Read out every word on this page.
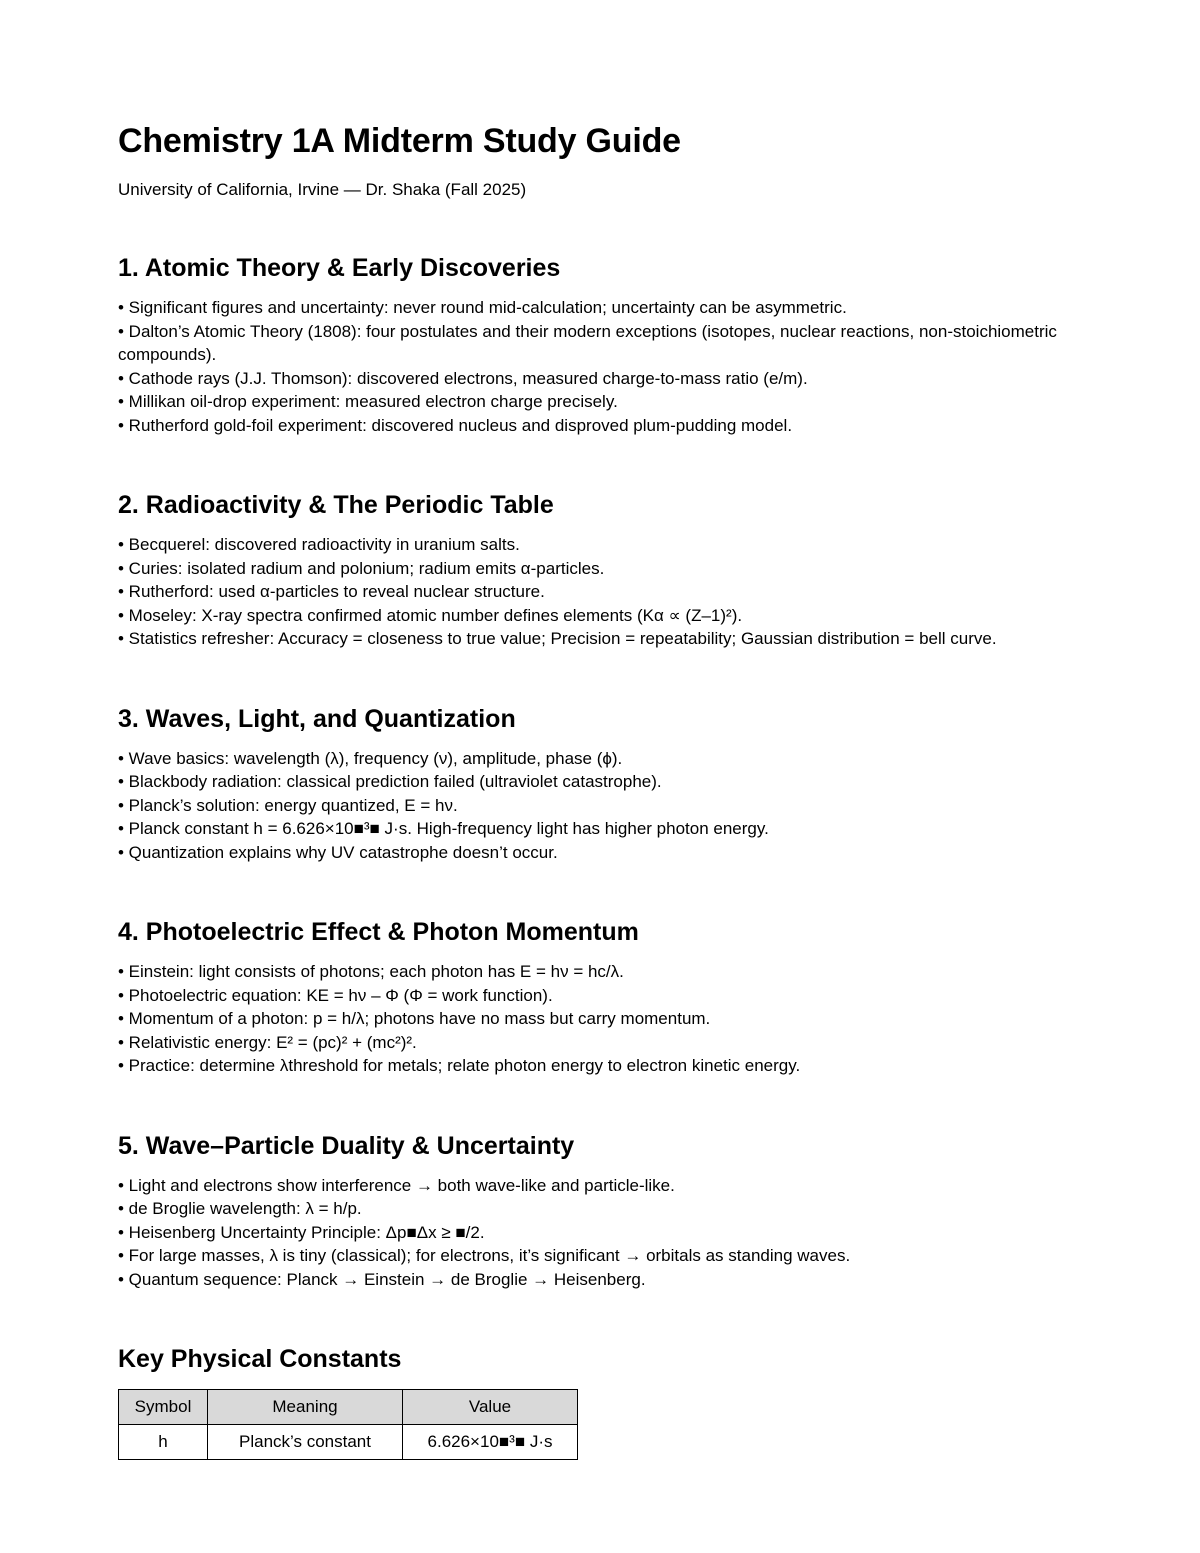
Chemistry 1A Midterm Study Guide

University of California, Irvine — Dr. Shaka (Fall 2025)

1. Atomic Theory & Early Discoveries
• Significant figures and uncertainty: never round mid-calculation; uncertainty can be asymmetric.
• Dalton’s Atomic Theory (1808): four postulates and their modern exceptions (isotopes, nuclear reactions, non-stoichiometric compounds).
• Cathode rays (J.J. Thomson): discovered electrons, measured charge-to-mass ratio (e/m).
• Millikan oil-drop experiment: measured electron charge precisely.
• Rutherford gold-foil experiment: discovered nucleus and disproved plum-pudding model.
2. Radioactivity & The Periodic Table
• Becquerel: discovered radioactivity in uranium salts.
• Curies: isolated radium and polonium; radium emits α-particles.
• Rutherford: used α-particles to reveal nuclear structure.
• Moseley: X-ray spectra confirmed atomic number defines elements (Kα ∝ (Z–1)²).
• Statistics refresher: Accuracy = closeness to true value; Precision = repeatability; Gaussian distribution = bell curve.
3. Waves, Light, and Quantization
• Wave basics: wavelength (λ), frequency (ν), amplitude, phase (ϕ).
• Blackbody radiation: classical prediction failed (ultraviolet catastrophe).
• Planck’s solution: energy quantized, E = hν.
• Planck constant h = 6.626×10■³■ J·s. High-frequency light has higher photon energy.
• Quantization explains why UV catastrophe doesn’t occur.
4. Photoelectric Effect & Photon Momentum
• Einstein: light consists of photons; each photon has E = hν = hc/λ.
• Photoelectric equation: KE = hν – Φ (Φ = work function).
• Momentum of a photon: p = h/λ; photons have no mass but carry momentum.
• Relativistic energy: E² = (pc)² + (mc²)².
• Practice: determine λthreshold for metals; relate photon energy to electron kinetic energy.
5. Wave–Particle Duality & Uncertainty
• Light and electrons show interference → both wave-like and particle-like.
• de Broglie wavelength: λ = h/p.
• Heisenberg Uncertainty Principle: Δp■Δx ≥ ■/2.
• For large masses, λ is tiny (classical); for electrons, it’s significant → orbitals as standing waves.
• Quantum sequence: Planck → Einstein → de Broglie → Heisenberg.
Key Physical Constants
Symbol	Meaning	Value
h	Planck’s constant	6.626×10■³■ J·s
